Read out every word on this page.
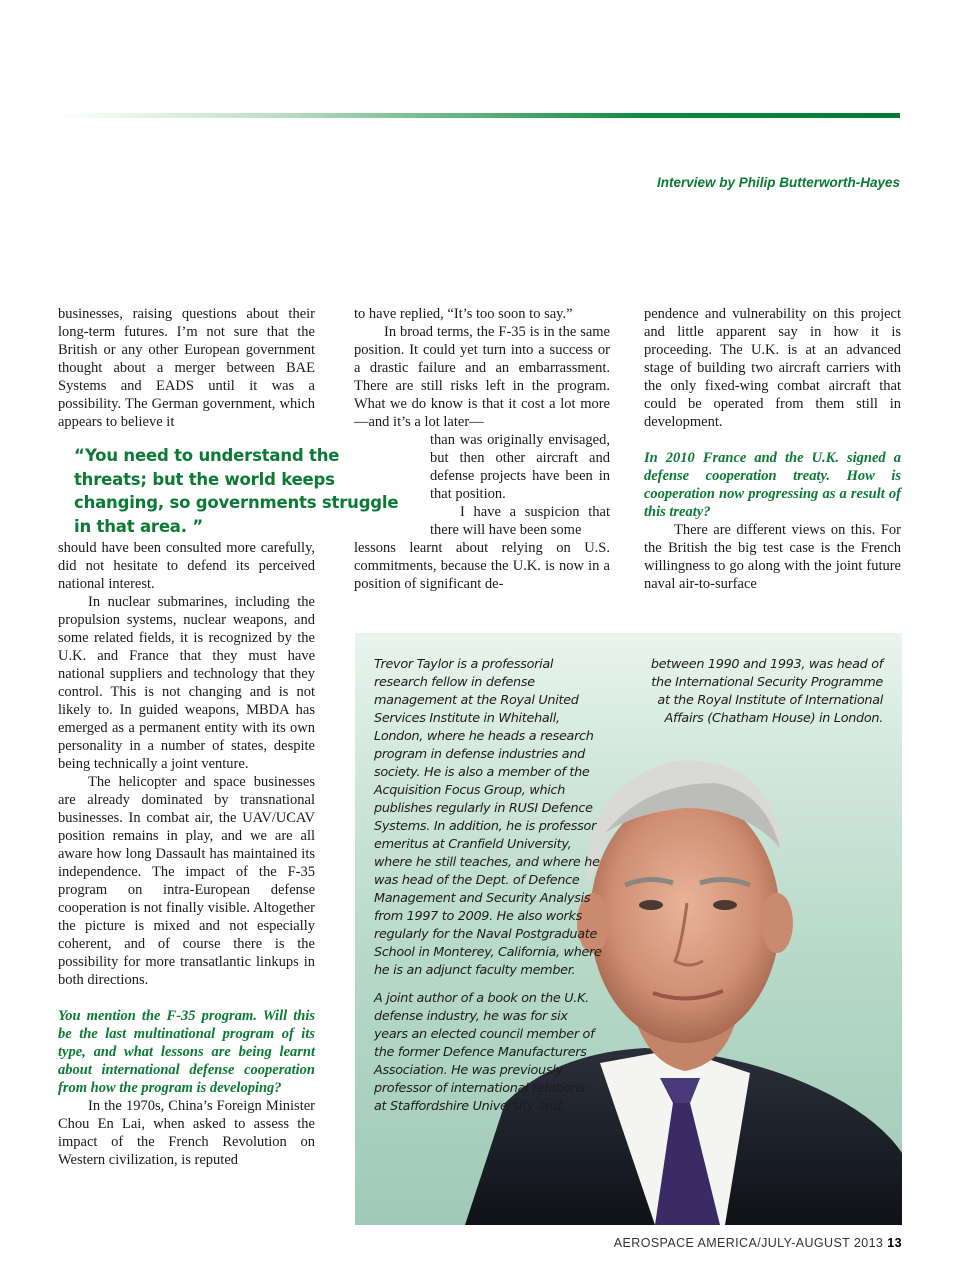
Interview by Philip Butterworth-Hayes

businesses, raising questions about their long-term futures. I’m not sure that the British or any other European government thought about a merger between BAE Systems and EADS until it was a possibility. The German government, which appears to believe it

“You need to understand the threats; but the world keeps changing, so governments struggle in that area. ”

should have been consulted more carefully, did not hesitate to defend its perceived national interest.

In nuclear submarines, including the propulsion systems, nuclear weapons, and some related fields, it is recognized by the U.K. and France that they must have national suppliers and technology that they control. This is not changing and is not likely to. In guided weapons, MBDA has emerged as a permanent entity with its own personality in a number of states, despite being technically a joint venture.

The helicopter and space businesses are already dominated by transnational businesses. In combat air, the UAV/UCAV position remains in play, and we are all aware how long Dassault has maintained its independence. The impact of the F-35 program on intra-European defense cooperation is not finally visible. Altogether the picture is mixed and not especially coherent, and of course there is the possibility for more transatlantic linkups in both directions.

You mention the F-35 program. Will this be the last multinational program of its type, and what lessons are being learnt about international defense cooperation from how the program is developing?

In the 1970s, China’s Foreign Minister Chou En Lai, when asked to assess the impact of the French Revolution on Western civilization, is reputed

to have replied, “It’s too soon to say.”

In broad terms, the F-35 is in the same position. It could yet turn into a success or a drastic failure and an embarrassment. There are still risks left in the program. What we do know is that it cost a lot more—and it’s a lot later—

than was originally envisaged, but then other aircraft and defense projects have been in that position.

I have a suspicion that there will have been some

lessons learnt about relying on U.S. commitments, because the U.K. is now in a position of significant de-

pendence and vulnerability on this project and little apparent say in how it is proceeding. The U.K. is at an advanced stage of building two aircraft carriers with the only fixed-wing combat aircraft that could be operated from them still in development.

In 2010 France and the U.K. signed a defense cooperation treaty. How is cooperation now progressing as a result of this treaty?

There are different views on this. For the British the big test case is the French willingness to go along with the joint future naval air-to-surface

Trevor Taylor is a professorial research fellow in defense management at the Royal United Services Institute in Whitehall, London, where he heads a research program in defense industries and society. He is also a member of the Acquisition Focus Group, which publishes regularly in RUSI Defence Systems. In addition, he is professor emeritus at Cranfield University, where he still teaches, and where he was head of the Dept. of Defence Management and Security Analysis from 1997 to 2009. He also works regularly for the Naval Postgraduate School in Monterey, California, where he is an adjunct faculty member.
A joint author of a book on the U.K. defense industry, he was for six years an elected council member of the former Defence Manufacturers Association. He was previously professor of international relations at Staffordshire University and,
between 1990 and 1993, was head of the International Security Programme at the Royal Institute of International Affairs (Chatham House) in London.
AEROSPACE AMERICA/JULY-AUGUST 2013 13
